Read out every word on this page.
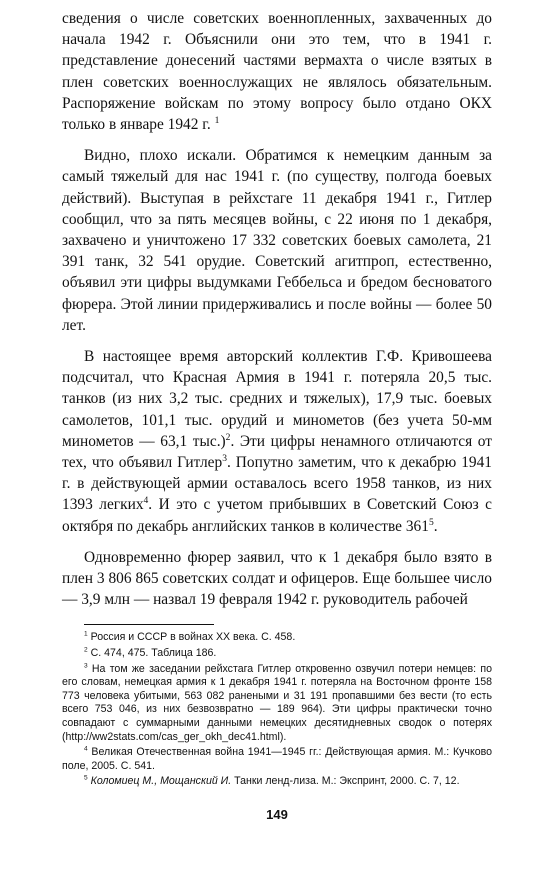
сведения о числе советских военнопленных, захваченных до начала 1942 г. Объяснили они это тем, что в 1941 г. представление донесений частями вермахта о числе взятых в плен советских военнослужащих не являлось обязательным. Распоряжение войскам по этому вопросу было отдано ОКХ только в январе 1942 г. $^1$

Видно, плохо искали. Обратимся к немецким данным за самый тяжелый для нас 1941 г. (по существу, полгода боевых действий). Выступая в рейхстаге 11 декабря 1941 г., Гитлер сообщил, что за пять месяцев войны, с 22 июня по 1 декабря, захвачено и уничтожено 17 332 советских боевых самолета, 21 391 танк, 32 541 орудие. Советский агитпроп, естественно, объявил эти цифры выдумками Геббельса и бредом бесноватого фюрера. Этой линии придерживались и после войны — более 50 лет.

В настоящее время авторский коллектив Г.Ф. Кривошеева подсчитал, что Красная Армия в 1941 г. потеряла 20,5 тыс. танков (из них 3,2 тыс. средних и тяжелых), 17,9 тыс. боевых самолетов, 101,1 тыс. орудий и минометов (без учета 50-мм минометов — 63,1 тыс.)$^2$. Эти цифры ненамного отличаются от тех, что объявил Гитлер$^3$. Попутно заметим, что к декабрю 1941 г. в действующей армии оставалось всего 1958 танков, из них 1393 легких$^4$. И это с учетом прибывших в Советский Союз с октября по декабрь английских танков в количестве $361^5$.

Одновременно фюрер заявил, что к 1 декабря было взято в плен 3 806 865 советских солдат и офицеров. Еще большее число — 3,9 млн — назвал 19 февраля 1942 г. руководитель рабочей

$^1$ Россия и СССР в войнах XX века. С. 458.

$^2$ С. 474, 475. Таблица 186.

$^3$ На том же заседании рейхстага Гитлер откровенно озвучил потери немцев: по его словам, немецкая армия к 1 декабря 1941 г. потеряла на Восточном фронте 158 773 человека убитыми, 563 082 ранеными и 31 191 пропавшими без вести (то есть всего 753 046, из них безвозвратно — 189 964). Эти цифры практически точно совпадают с суммарными данными немецких десятидневных сводок о потерях (http://ww2stats.com/cas_ger_okh_dec41.html).

$^4$ Великая Отечественная война 1941—1945 гг.: Действующая армия. М.: Кучково поле, 2005. С. 541.

$^5$ Коломиец М., Мощанский И. Танки ленд-лиза. М.: Экспринт, 2000. С. 7, 12.

149
